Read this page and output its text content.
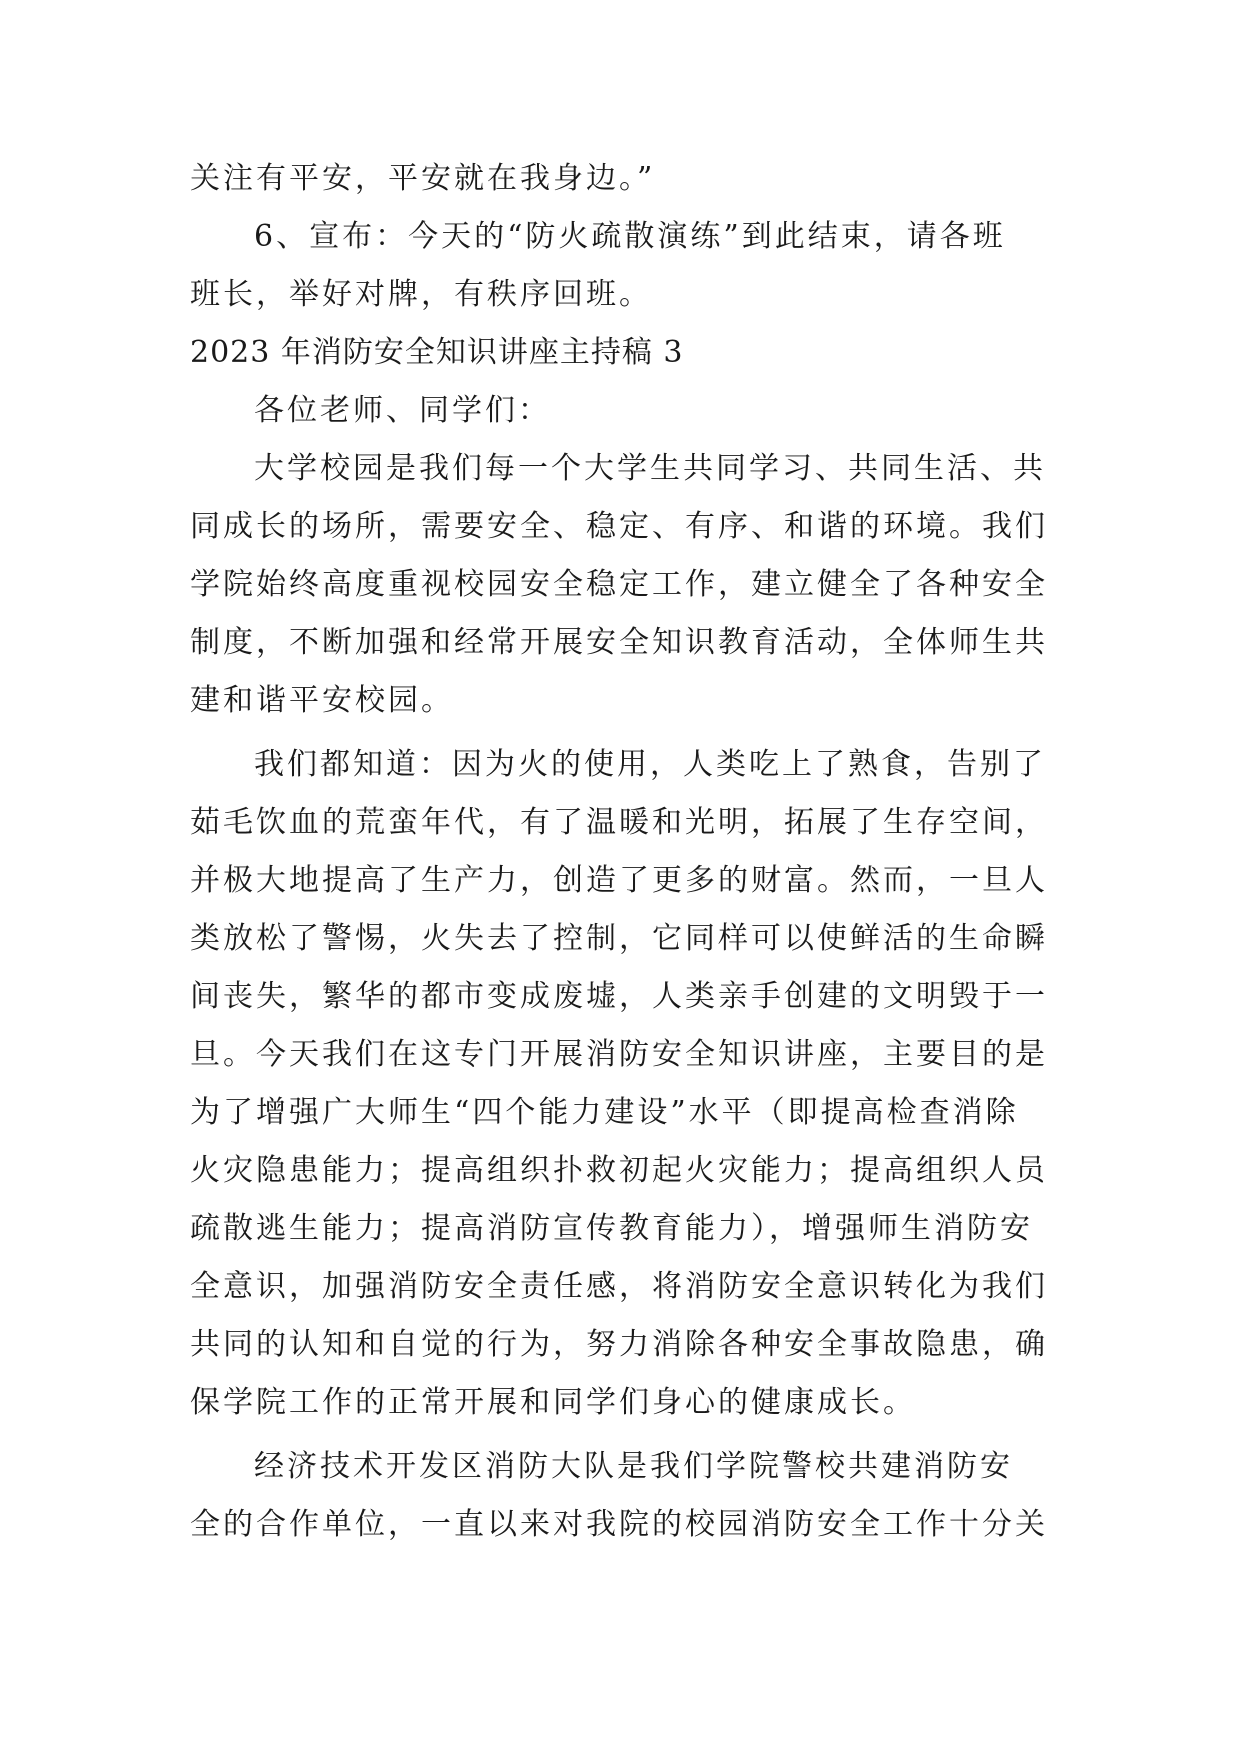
关注有平安，平安就在我身边。”
6、宣布：今天的“防火疏散演练”到此结束，请各班
班长，举好对牌，有秩序回班。
2023 年消防安全知识讲座主持稿 3
各位老师、同学们：
大学校园是我们每一个大学生共同学习、共同生活、共
同成长的场所，需要安全、稳定、有序、和谐的环境。我们
学院始终高度重视校园安全稳定工作，建立健全了各种安全
制度，不断加强和经常开展安全知识教育活动，全体师生共
建和谐平安校园。
我们都知道：因为火的使用，人类吃上了熟食，告别了
茹毛饮血的荒蛮年代，有了温暖和光明，拓展了生存空间，
并极大地提高了生产力，创造了更多的财富。然而，一旦人
类放松了警惕，火失去了控制，它同样可以使鲜活的生命瞬
间丧失，繁华的都市变成废墟，人类亲手创建的文明毁于一
旦。今天我们在这专门开展消防安全知识讲座，主要目的是
为了增强广大师生“四个能力建设”水平（即提高检查消除
火灾隐患能力；提高组织扑救初起火灾能力；提高组织人员
疏散逃生能力；提高消防宣传教育能力），增强师生消防安
全意识，加强消防安全责任感，将消防安全意识转化为我们
共同的认知和自觉的行为，努力消除各种安全事故隐患，确
保学院工作的正常开展和同学们身心的健康成长。
经济技术开发区消防大队是我们学院警校共建消防安
全的合作单位，一直以来对我院的校园消防安全工作十分关
